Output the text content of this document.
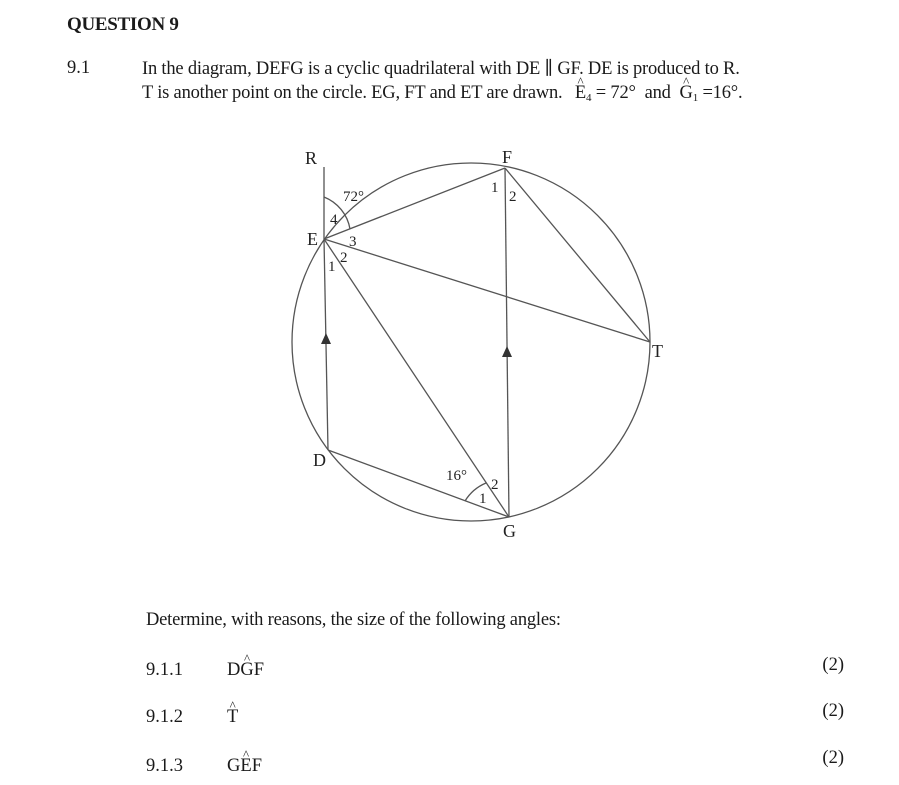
QUESTION 9
9.1	In the diagram, DEFG is a cyclic quadrilateral with DE ∥ GF. DE is produced to R.
T is another point on the circle. EG, FT and ET are drawn. ^ $E_4 = 72^\circ$  and  ^ $G_1 =16^\circ$.
R	F
E
T
D
G
72°
4
3
2
1
1
2
16°
1
2
Determine, with reasons, the size of the following angles:
9.1.1 D^ GF	(2)
9.1.2 ^ T	(2)
9.1.3 G^ EF	(2)
